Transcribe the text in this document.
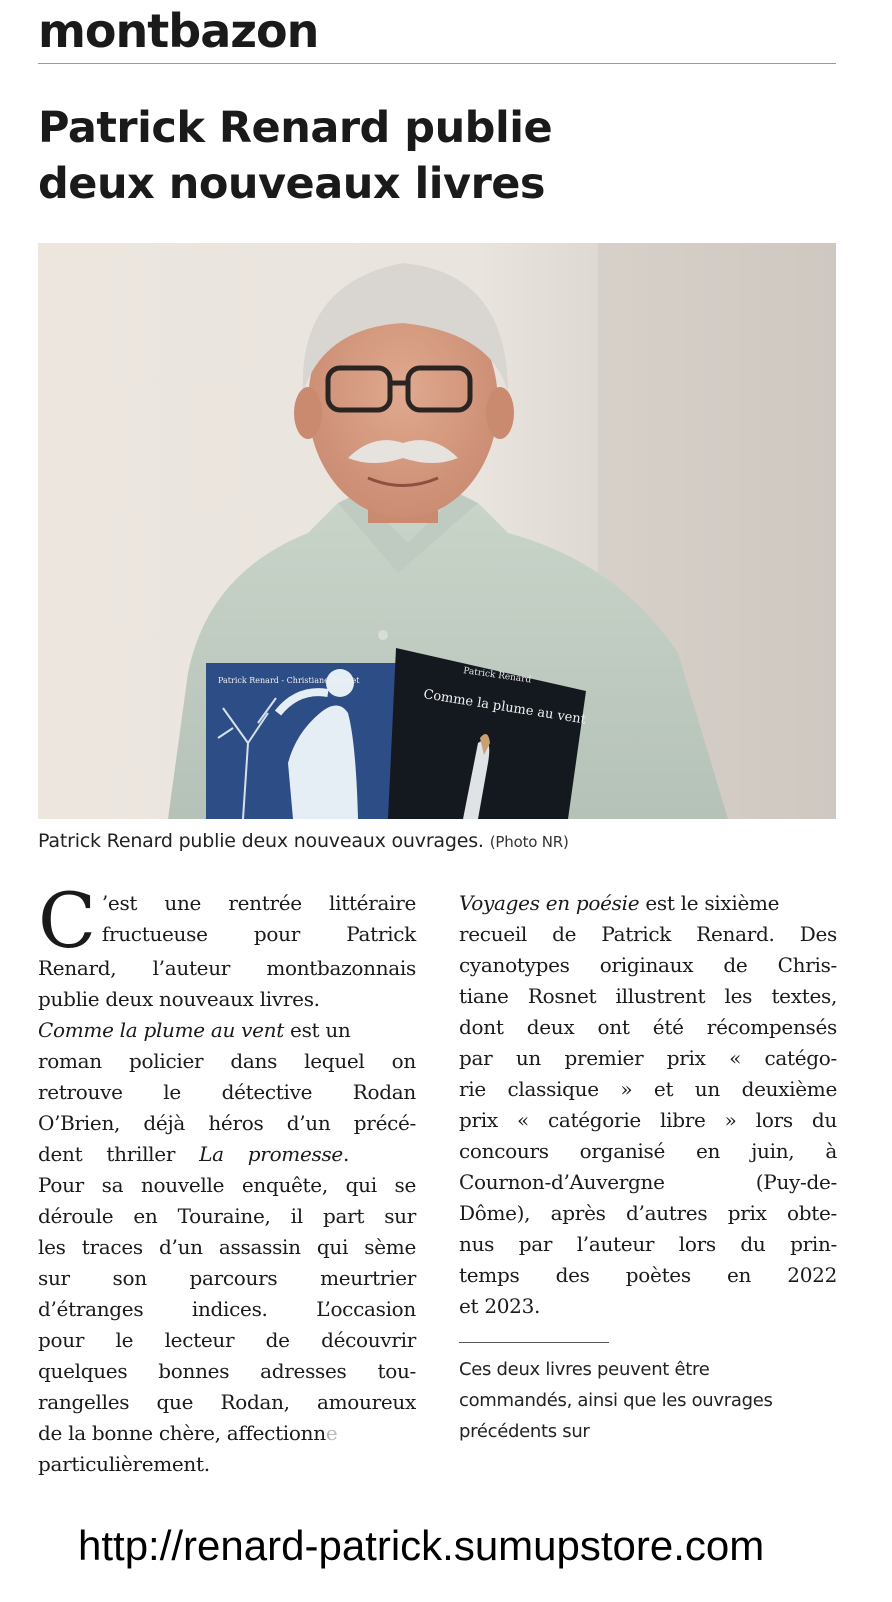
montbazon
Patrick Renard publie
deux nouveaux livres
Patrick Renard - Christiane Rosnet	Patrick Renard
Comme la plume au vent
Patrick Renard publie deux nouveaux ouvrages. (Photo NR)
C ’est une rentrée littéraire
fructueuse pour Patrick
Renard, l’auteur montbazonnais
publie deux nouveaux livres.
Comme la plume au vent est un
roman policier dans lequel on
retrouve le détective Rodan
O’Brien, déjà héros d’un précé-
dent thriller La promesse.
Pour sa nouvelle enquête, qui se
déroule en Touraine, il part sur
les traces d’un assassin qui sème
sur son parcours meurtrier
d’étranges indices. L’occasion
pour le lecteur de découvrir
quelques bonnes adresses tou-
rangelles que Rodan, amoureux
de la bonne chère, affectionne
particulièrement.
Voyages en poésie est le sixième
recueil de Patrick Renard. Des
cyanotypes originaux de Chris-
tiane Rosnet illustrent les textes,
dont deux ont été récompensés
par un premier prix « catégo-
rie classique » et un deuxième
prix « catégorie libre » lors du
concours organisé en juin, à
Cournon-d’Auvergne (Puy-de-
Dôme), après d’autres prix obte-
nus par l’auteur lors du prin-
temps des poètes en 2022
et 2023.
Ces deux livres peuvent être
commandés, ainsi que les ouvrages
précédents sur
http://renard-patrick.sumupstore.com
